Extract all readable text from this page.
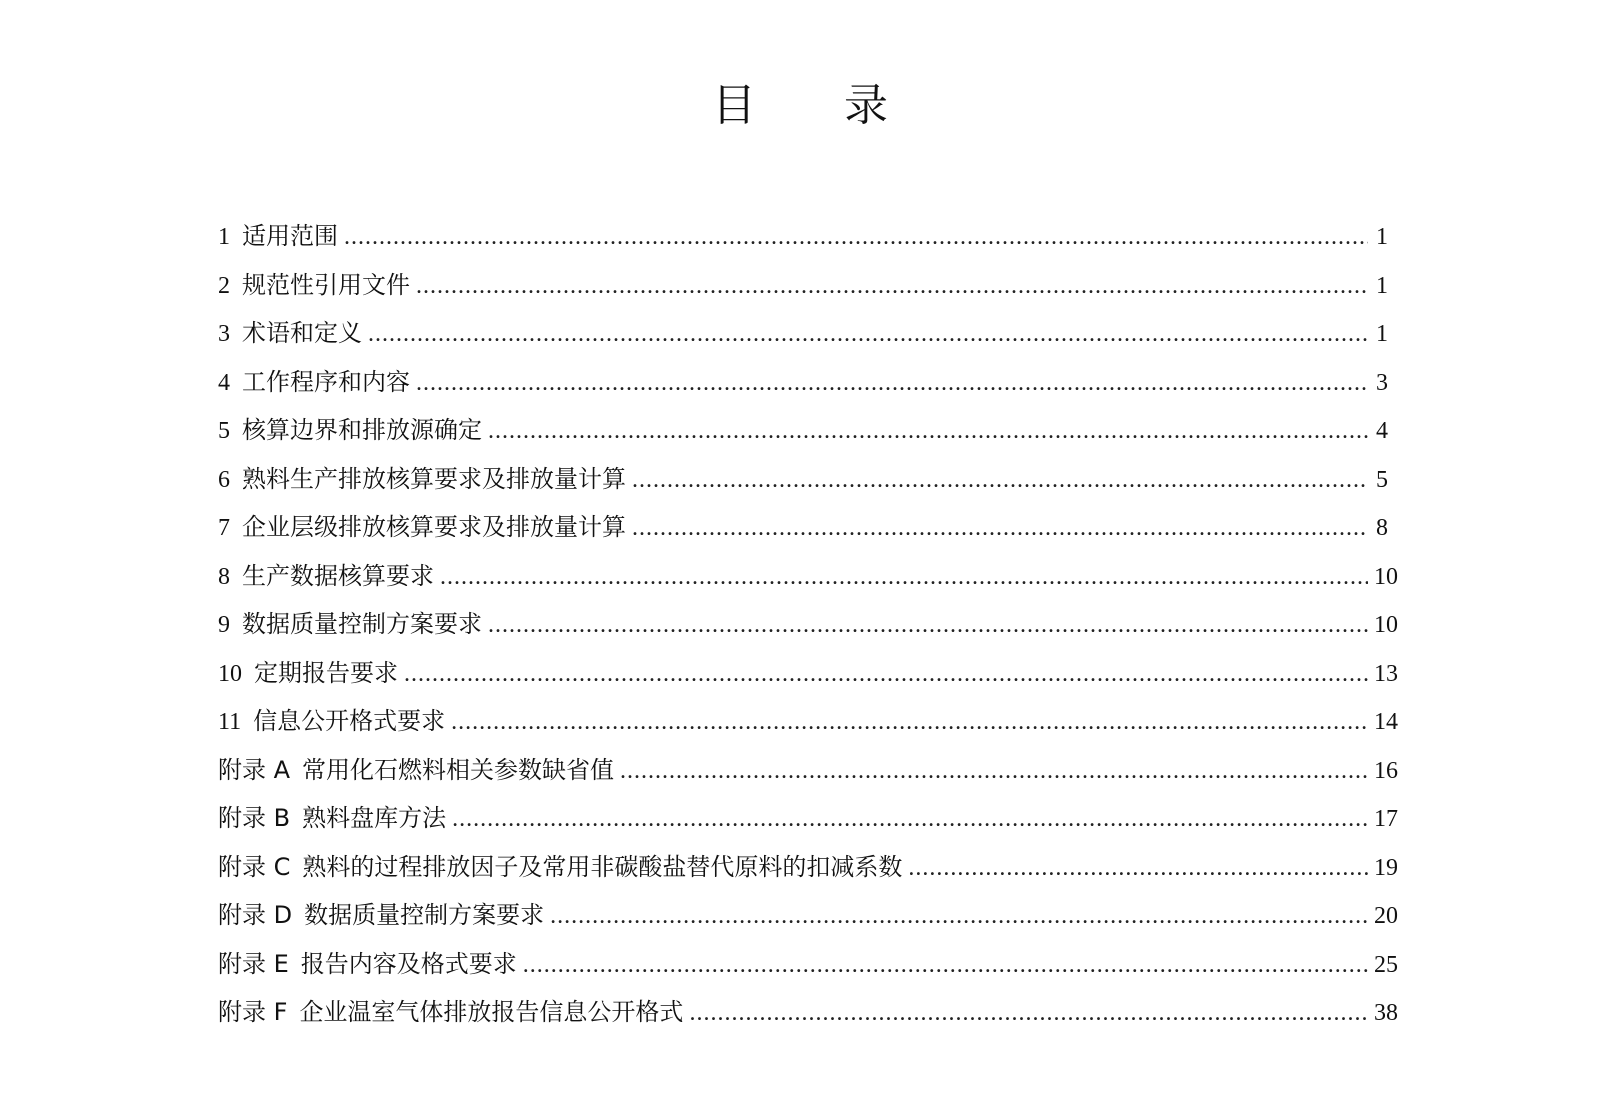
目 录
1 适用范围 .....	1
2 规范性引用文件 .....	1
3 术语和定义 .....	1
4 工作程序和内容 .....	3
5 核算边界和排放源确定 .....	4
6 熟料生产排放核算要求及排放量计算 .....	5
7 企业层级排放核算要求及排放量计算 .....	8
8 生产数据核算要求 .....	10
9 数据质量控制方案要求 .....	10
10 定期报告要求 .....	13
11 信息公开格式要求 .....	14
附录 A 常用化石燃料相关参数缺省值 .....	16
附录 B 熟料盘库方法 .....	17
附录 C 熟料的过程排放因子及常用非碳酸盐替代原料的扣减系数 .....	19
附录 D 数据质量控制方案要求 .....	20
附录 E 报告内容及格式要求 .....	25
附录 F 企业温室气体排放报告信息公开格式 .....	38
